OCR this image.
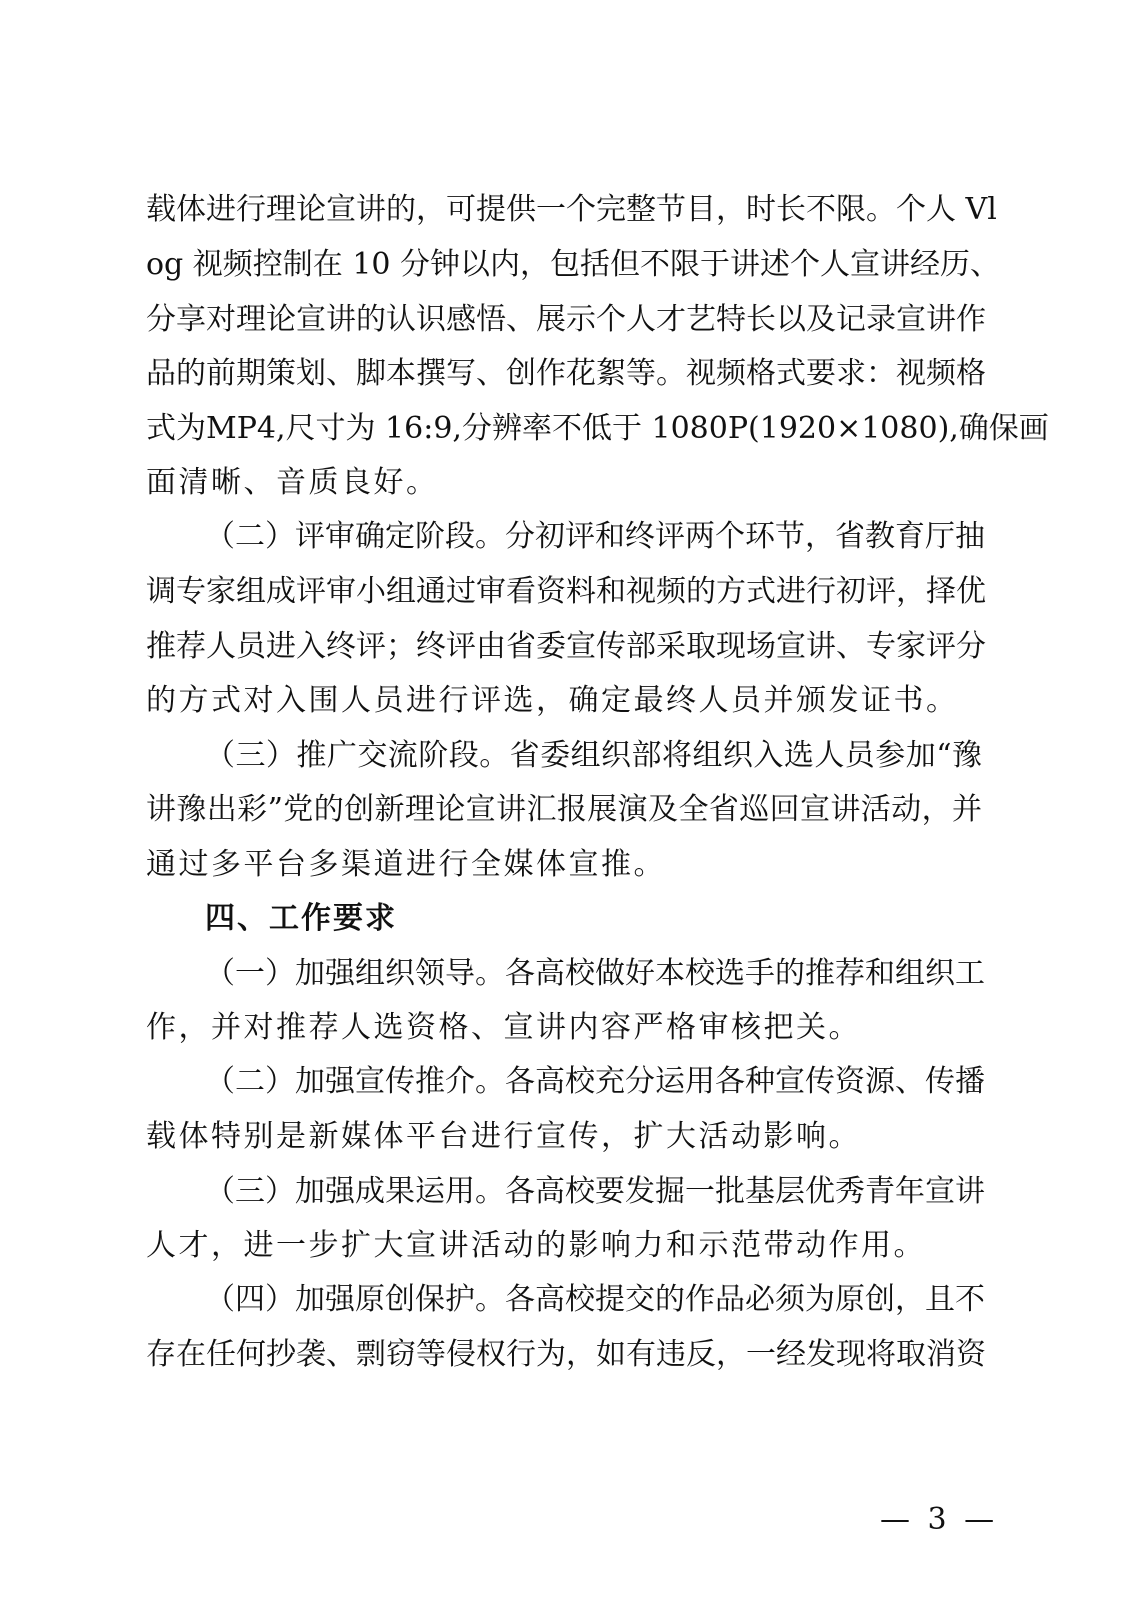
载体进行理论宣讲的，可提供一个完整节目，时长不限。个人 Vl
og 视频控制在 10 分钟以内，包括但不限于讲述个人宣讲经历、
分享对理论宣讲的认识感悟、展示个人才艺特长以及记录宣讲作
品的前期策划、脚本撰写、创作花絮等。视频格式要求：视频格
式为MP4,尺寸为 16:9,分辨率不低于 1080P(1920×1080),确保画
面清晰、音质良好。
（二）评审确定阶段。分初评和终评两个环节，省教育厅抽
调专家组成评审小组通过审看资料和视频的方式进行初评，择优
推荐人员进入终评；终评由省委宣传部采取现场宣讲、专家评分
的方式对入围人员进行评选，确定最终人员并颁发证书。
（三）推广交流阶段。省委组织部将组织入选人员参加“豫
讲豫出彩”党的创新理论宣讲汇报展演及全省巡回宣讲活动，并
通过多平台多渠道进行全媒体宣推。
四、工作要求
（一）加强组织领导。各高校做好本校选手的推荐和组织工
作，并对推荐人选资格、宣讲内容严格审核把关。
（二）加强宣传推介。各高校充分运用各种宣传资源、传播
载体特别是新媒体平台进行宣传，扩大活动影响。
（三）加强成果运用。各高校要发掘一批基层优秀青年宣讲
人才，进一步扩大宣讲活动的影响力和示范带动作用。
（四）加强原创保护。各高校提交的作品必须为原创，且不
存在任何抄袭、剽窃等侵权行为，如有违反，一经发现将取消资
— 3 —
